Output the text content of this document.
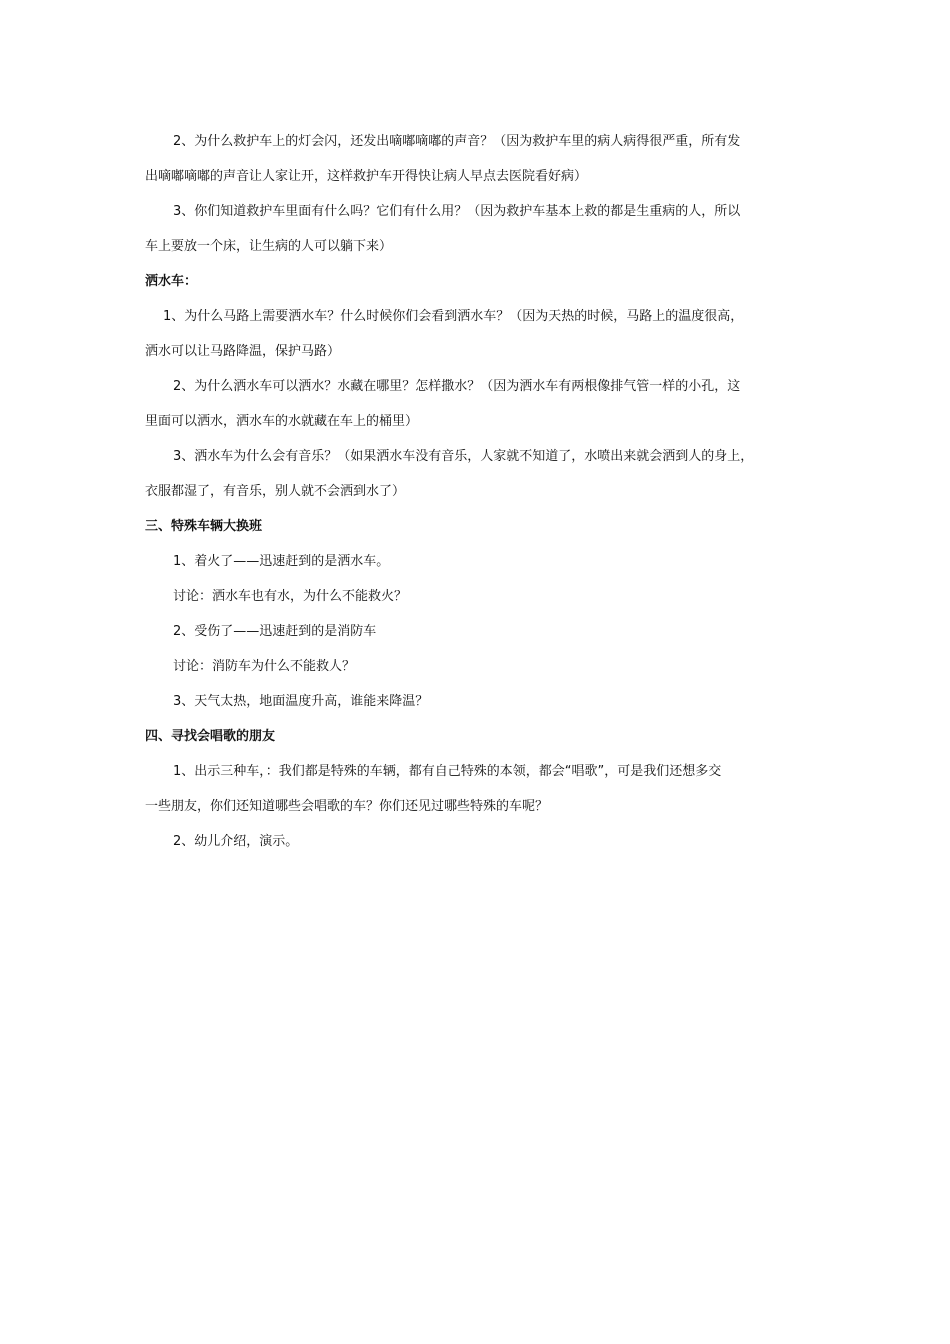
2、为什么救护车上的灯会闪，还发出嘀嘟嘀嘟的声音？（因为救护车里的病人病得很严重，所有发
出嘀嘟嘀嘟的声音让人家让开，这样救护车开得快让病人早点去医院看好病）
3、你们知道救护车里面有什么吗？它们有什么用？（因为救护车基本上救的都是生重病的人，所以
车上要放一个床，让生病的人可以躺下来）
洒水车：
1、为什么马路上需要洒水车？什么时候你们会看到洒水车？（因为天热的时候，马路上的温度很高，
洒水可以让马路降温，保护马路）
2、为什么洒水车可以洒水？水藏在哪里？怎样撒水？（因为洒水车有两根像排气管一样的小孔，这
里面可以洒水，洒水车的水就藏在车上的桶里）
3、洒水车为什么会有音乐？（如果洒水车没有音乐，人家就不知道了，水喷出来就会洒到人的身上，
衣服都湿了，有音乐，别人就不会洒到水了）
三、特殊车辆大换班
1、着火了——迅速赶到的是洒水车。
讨论：洒水车也有水，为什么不能救火？
2、受伤了——迅速赶到的是消防车
讨论：消防车为什么不能救人？
3、天气太热，地面温度升高，谁能来降温？
四、寻找会唱歌的朋友
1、出示三种车，：我们都是特殊的车辆，都有自己特殊的本领，都会“唱歌”，可是我们还想多交
一些朋友，你们还知道哪些会唱歌的车？你们还见过哪些特殊的车呢？
2、幼儿介绍，演示。
